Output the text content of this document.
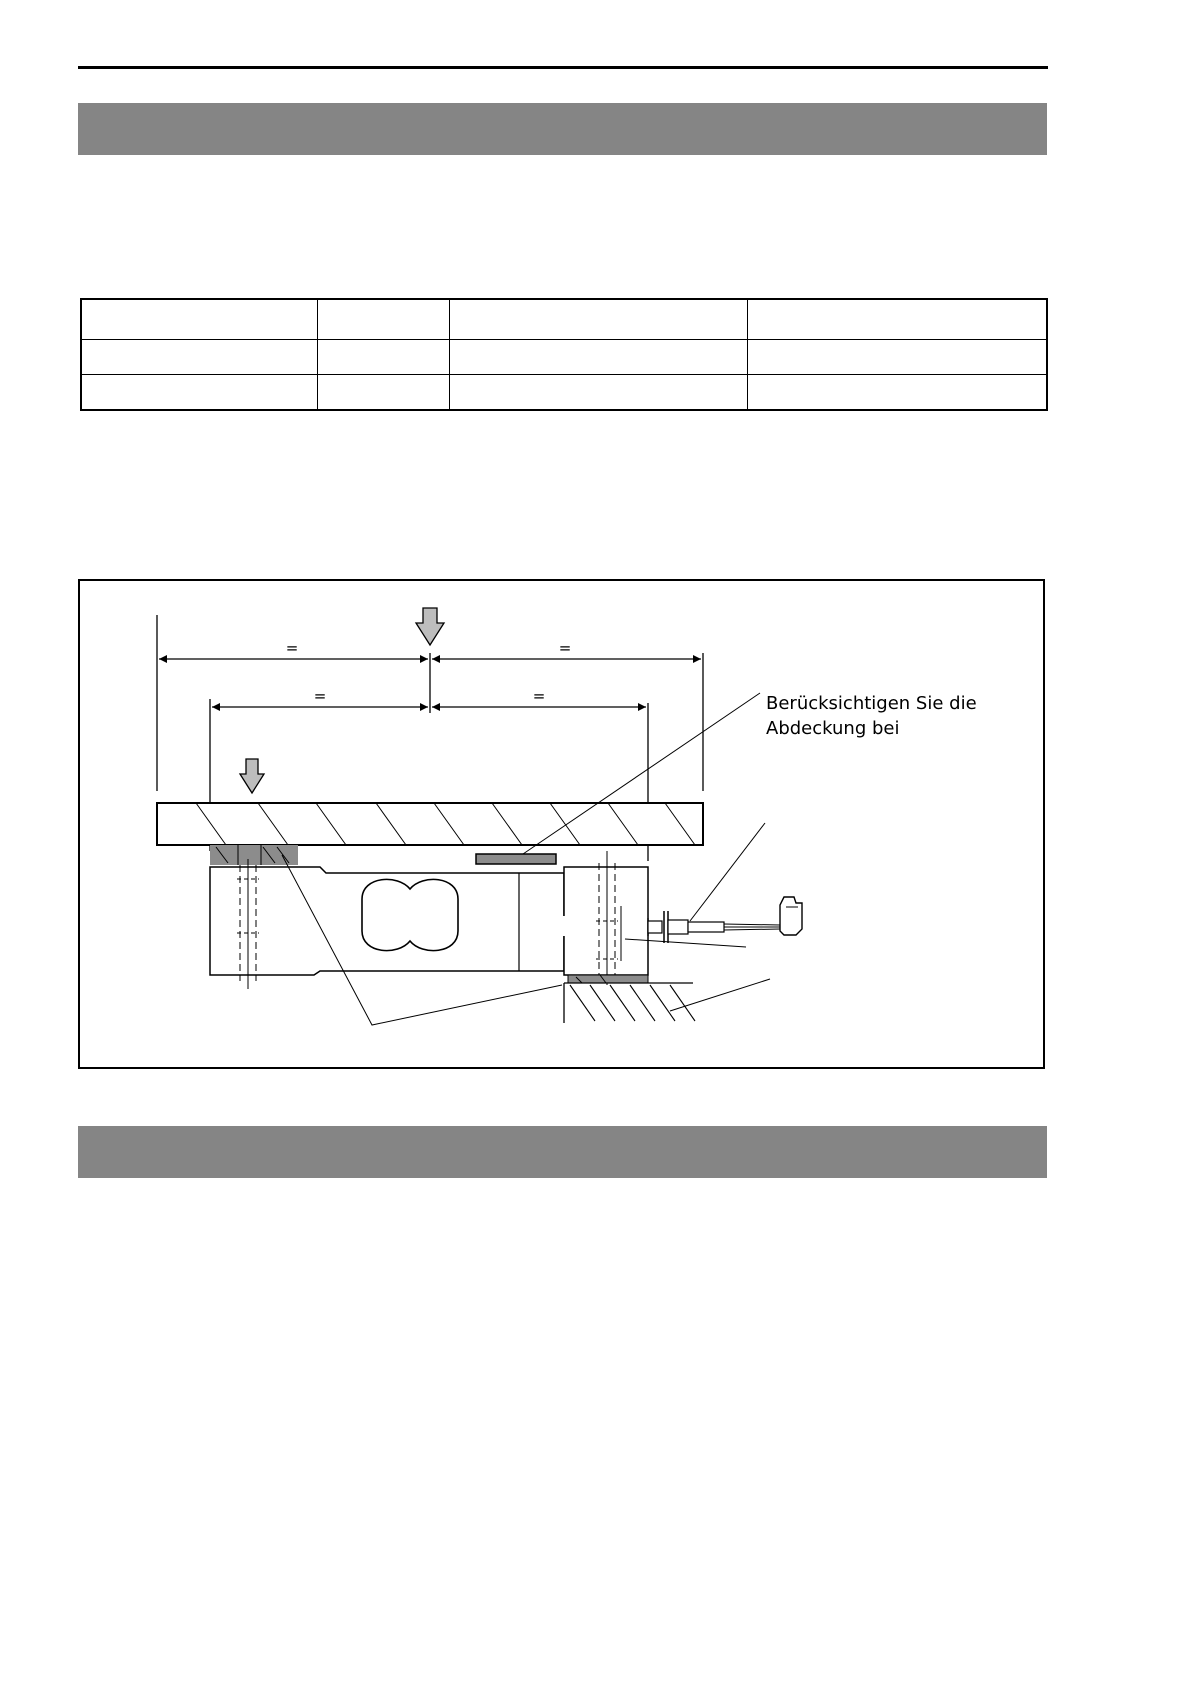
=	=
=	=	Berücksichtigen Sie die
Abdeckung bei
